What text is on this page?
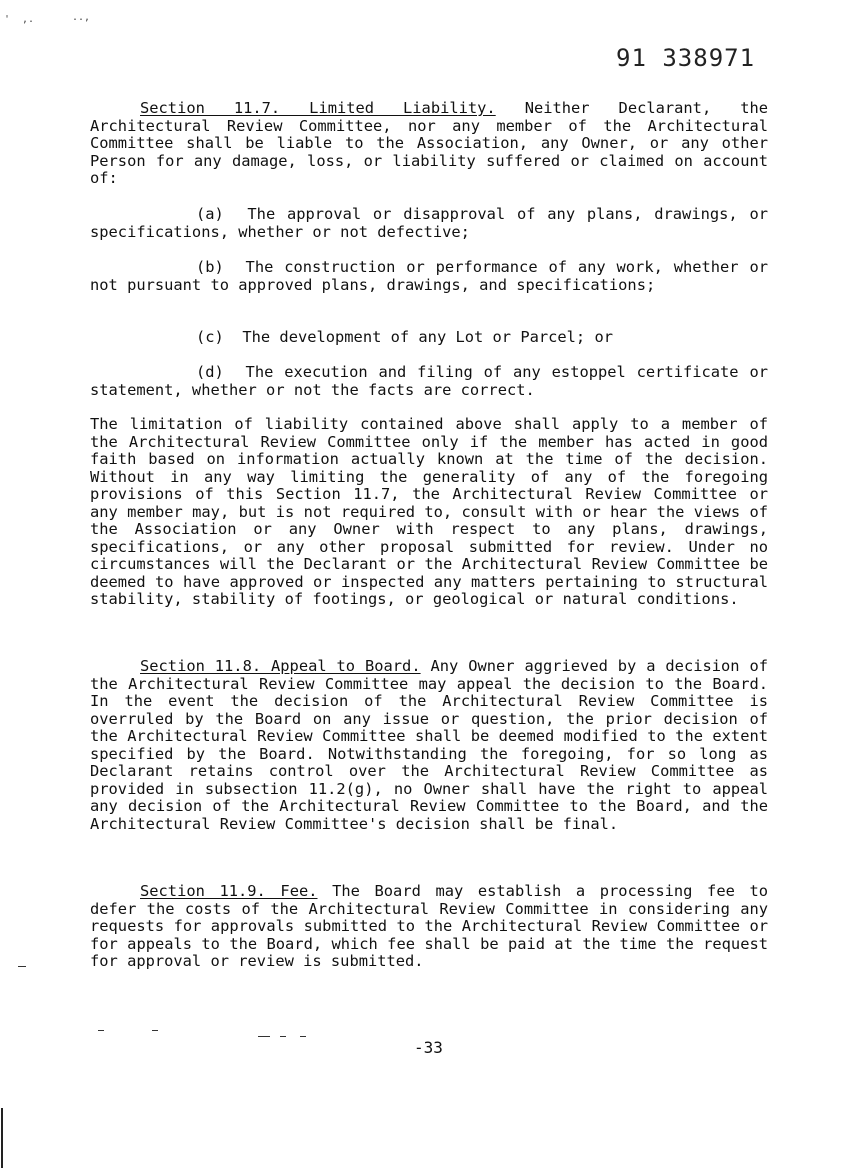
' ,.	..,
91 338971

Section 11.7. Limited Liability. Neither Declarant, the Architectural Review Committee, nor any member of the Architectural Committee shall be liable to the Association, any Owner, or any other Person for any damage, loss, or liability suffered or claimed on account of:

(a) The approval or disapproval of any plans, drawings, or specifications, whether or not defective;

(b) The construction or performance of any work, whether or not pursuant to approved plans, drawings, and specifications;

(c) The development of any Lot or Parcel; or

(d) The execution and filing of any estoppel certificate or statement, whether or not the facts are correct.

The limitation of liability contained above shall apply to a member of the Architectural Review Committee only if the member has acted in good faith based on information actually known at the time of the decision. Without in any way limiting the generality of any of the foregoing provisions of this Section 11.7, the Architectural Review Committee or any member may, but is not required to, consult with or hear the views of the Association or any Owner with respect to any plans, drawings, specifications, or any other proposal submitted for review. Under no circumstances will the Declarant or the Architectural Review Committee be deemed to have approved or inspected any matters pertaining to structural stability, stability of footings, or geological or natural conditions.

Section 11.8. Appeal to Board. Any Owner aggrieved by a decision of the Architectural Review Committee may appeal the decision to the Board. In the event the decision of the Architectural Review Committee is overruled by the Board on any issue or question, the prior decision of the Architectural Review Committee shall be deemed modified to the extent specified by the Board. Notwithstanding the foregoing, for so long as Declarant retains control over the Architectural Review Committee as provided in subsection 11.2(g), no Owner shall have the right to appeal any decision of the Architectural Review Committee to the Board, and the Architectural Review Committee's decision shall be final.

Section 11.9. Fee. The Board may establish a processing fee to defer the costs of the Architectural Review Committee in considering any requests for approvals submitted to the Architectural Review Committee or for appeals to the Board, which fee shall be paid at the time the request for approval or review is submitted.

-33
